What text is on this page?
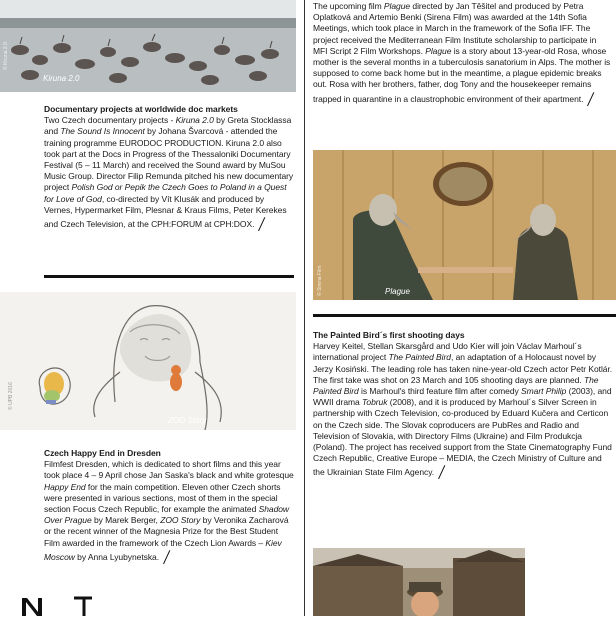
© Kiruna 2.0
Kiruna 2.0
Documentary projects at worldwide doc markets

Two Czech documentary projects - Kiruna 2.0 by Greta Stocklassa and The Sound Is Innocent by Johana Švarcová - attended the training programme EURODOC PRODUCTION. Kiruna 2.0 also took part at the Docs in Progress of the Thessaloniki Documentary Festival (5 – 11 March) and received the Sound award by MuSou Music Group. Director Filip Remunda pitched his new documentary project Polish God or Pepik the Czech Goes to Poland in a Quest for Love of God, co-directed by Vít Klusák and produced by Vernes, Hypermarket Film, Plesnar & Kraus Films, Peter Kerekes and Czech Television, at the CPH:FORUM at CPH:DOX.

© UPB 2016
ZOO Story
Czech Happy End in Dresden

Filmfest Dresden, which is dedicated to short films and this year took place 4 – 9 April chose Jan Saska's black and white grotesque Happy End for the main competition. Eleven other Czech shorts were presented in various sections, most of them in the special section Focus Czech Republic, for example the animated Shadow Over Prague by Marek Berger, ZOO Story by Veronika Zacharová or the recent winner of the Magnesia Prize for the Best Student Film awarded in the framework of the Czech Lion Awards – Kiev Moscow by Anna Lyubynetska.

The upcoming film Plague directed by Jan Těšitel and produced by Petra Oplatková and Artemio Benki (Sirena Film) was awarded at the 14th Sofia Meetings, which took place in March in the framework of the Sofia IFF. The project received the Mediterranean Film Institute scholarship to participate in MFI Script 2 Film Workshops. Plague is a story about 13-year-old Rosa, whose mother is the several months in a tuberculosis sanatorium in Alps. The mother is supposed to come back home but in the meantime, a plague epidemic breaks out. Rosa with her brothers, father, dog Tony and the housekeeper remains trapped in quarantine in a claustrophobic environment of their apartment.

© Sirena Film	Plague
The Painted Bird´s first shooting days

Harvey Keitel, Stellan Skarsgård and Udo Kier will join Václav Marhoul´s international project The Painted Bird, an adaptation of a Holocaust novel by Jerzy Kosiński. The leading role has taken nine-year-old Czech actor Petr Kotlár. The first take was shot on 23 March and 105 shooting days are planned. The Painted Bird is Marhoul's third feature film after comedy Smart Philip (2003), and WWII drama Tobruk (2008), and it is produced by Marhoul´s Silver Screen in partnership with Czech Television, co-produced by Eduard Kučera and Certicon on the Czech side. The Slovak coproducers are PubRes and Radio and Television of Slovakia, with Directory Films (Ukraine) and Film Produkcja (Poland). The project has received support from the State Cinematography Fund Czech Republic, Creative Europe – MEDIA, the Czech Ministry of Culture and the Ukrainian State Film Agency.
